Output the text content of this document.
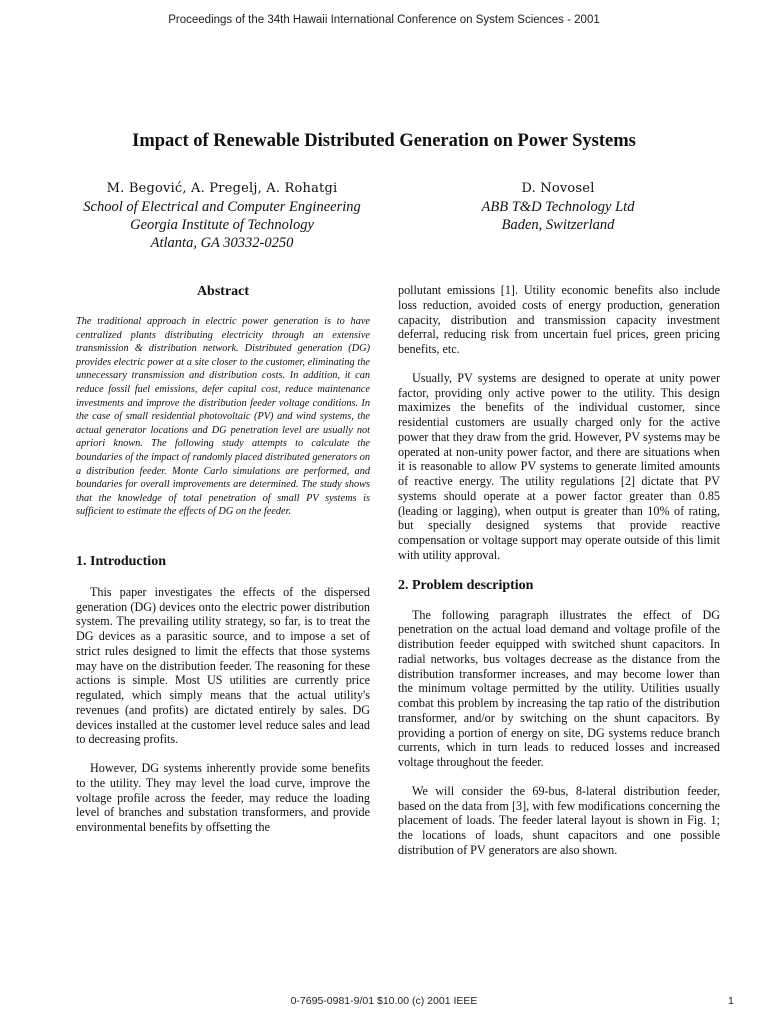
Proceedings of the 34th Hawaii International Conference on System Sciences - 2001
Impact of Renewable Distributed Generation on Power Systems
M. Begović, A. Pregelj, A. Rohatgi
School of Electrical and Computer Engineering
Georgia Institute of Technology
Atlanta, GA 30332-0250
D. Novosel
ABB T&D Technology Ltd
Baden, Switzerland
Abstract

The traditional approach in electric power generation is to have centralized plants distributing electricity through an extensive transmission & distribution network. Distributed generation (DG) provides electric power at a site closer to the customer, eliminating the unnecessary transmission and distribution costs. In addition, it can reduce fossil fuel emissions, defer capital cost, reduce maintenance investments and improve the distribution feeder voltage conditions. In the case of small residential photovoltaic (PV) and wind systems, the actual generator locations and DG penetration level are usually not apriori known. The following study attempts to calculate the boundaries of the impact of randomly placed distributed generators on a distribution feeder. Monte Carlo simulations are performed, and boundaries for overall improvements are determined. The study shows that the knowledge of total penetration of small PV systems is sufficient to estimate the effects of DG on the feeder.

1. Introduction

This paper investigates the effects of the dispersed generation (DG) devices onto the electric power distribution system. The prevailing utility strategy, so far, is to treat the DG devices as a parasitic source, and to impose a set of strict rules designed to limit the effects that those systems may have on the distribution feeder. The reasoning for these actions is simple. Most US utilities are currently price regulated, which simply means that the actual utility's revenues (and profits) are dictated entirely by sales. DG devices installed at the customer level reduce sales and lead to decreasing profits.

However, DG systems inherently provide some benefits to the utility. They may level the load curve, improve the voltage profile across the feeder, may reduce the loading level of branches and substation transformers, and provide environmental benefits by offsetting the

pollutant emissions [1]. Utility economic benefits also include loss reduction, avoided costs of energy production, generation capacity, distribution and transmission capacity investment deferral, reducing risk from uncertain fuel prices, green pricing benefits, etc.

Usually, PV systems are designed to operate at unity power factor, providing only active power to the utility. This design maximizes the benefits of the individual customer, since residential customers are usually charged only for the active power that they draw from the grid. However, PV systems may be operated at non-unity power factor, and there are situations when it is reasonable to allow PV systems to generate limited amounts of reactive energy. The utility regulations [2] dictate that PV systems should operate at a power factor greater than 0.85 (leading or lagging), when output is greater than 10% of rating, but specially designed systems that provide reactive compensation or voltage support may operate outside of this limit with utility approval.

2. Problem description

The following paragraph illustrates the effect of DG penetration on the actual load demand and voltage profile of the distribution feeder equipped with switched shunt capacitors. In radial networks, bus voltages decrease as the distance from the distribution transformer increases, and may become lower than the minimum voltage permitted by the utility. Utilities usually combat this problem by increasing the tap ratio of the distribution transformer, and/or by switching on the shunt capacitors. By providing a portion of energy on site, DG systems reduce branch currents, which in turn leads to reduced losses and increased voltage throughout the feeder.

We will consider the 69-bus, 8-lateral distribution feeder, based on the data from [3], with few modifications concerning the placement of loads. The feeder lateral layout is shown in Fig. 1; the locations of loads, shunt capacitors and one possible distribution of PV generators are also shown.

0-7695-0981-9/01 $10.00 (c) 2001 IEEE	1
